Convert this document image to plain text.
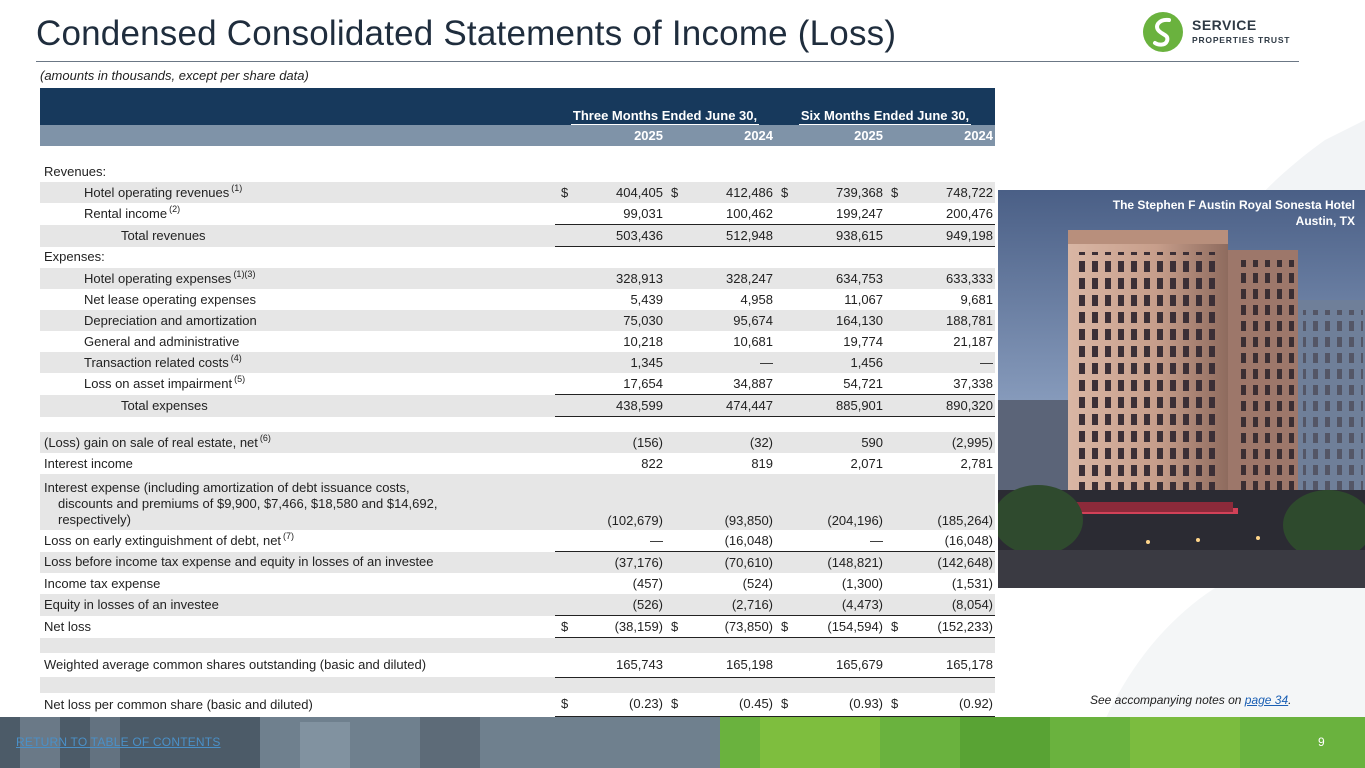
Condensed Consolidated Statements of Income (Loss)	SERVICE
PROPERTIES TRUST
(amounts in thousands, except per share data)
	Three Months Ended June 30,				Six Months Ended June 30,			
		2025		2024		2025		2024

Revenues:								
Hotel operating revenues $^{(1)}$	$	404,405	$	412,486	$	739,368	$	748,722
Rental income $^{(2)}$		99,031		100,462		199,247		200,476
Total revenues		503,436		512,948		938,615		949,198
Expenses:								
Hotel operating expenses $^{(1)(3)}$		328,913		328,247		634,753		633,333
Net lease operating expenses		5,439		4,958		11,067		9,681
Depreciation and amortization		75,030		95,674		164,130		188,781
General and administrative		10,218		10,681		19,774		21,187
Transaction related costs $^{(4)}$		1,345		—		1,456		—
Loss on asset impairment $^{(5)}$		17,654		34,887		54,721		37,338
Total expenses		438,599		474,447		885,901		890,320

(Loss) gain on sale of real estate, net $^{(6)}$		(156)		(32)		590		(2,995)
Interest income		822		819		2,071		2,781
Interest expense (including amortization of debt issuance costs,
discounts and premiums of $9,900, $7,466, $18,580 and $14,692,
respectively)		(102,679)		(93,850)		(204,196)		(185,264)
Loss on early extinguishment of debt, net $^{(7)}$		—		(16,048)		—		(16,048)
Loss before income tax expense and equity in losses of an investee		(37,176)		(70,610)		(148,821)		(142,648)
Income tax expense		(457)		(524)		(1,300)		(1,531)
Equity in losses of an investee		(526)		(2,716)		(4,473)		(8,054)
Net loss	$	(38,159)	$	(73,850)	$	(154,594)	$	(152,233)

Weighted average common shares outstanding (basic and diluted)		165,743		165,198		165,679		165,178

Net loss per common share (basic and diluted)	$	(0.23)	$	(0.45)	$	(0.93)	$	(0.92)
The Stephen F Austin Royal Sonesta Hotel
Austin, TX
See accompanying notes on page 34.
RETURN TO TABLE OF CONTENTS	9
